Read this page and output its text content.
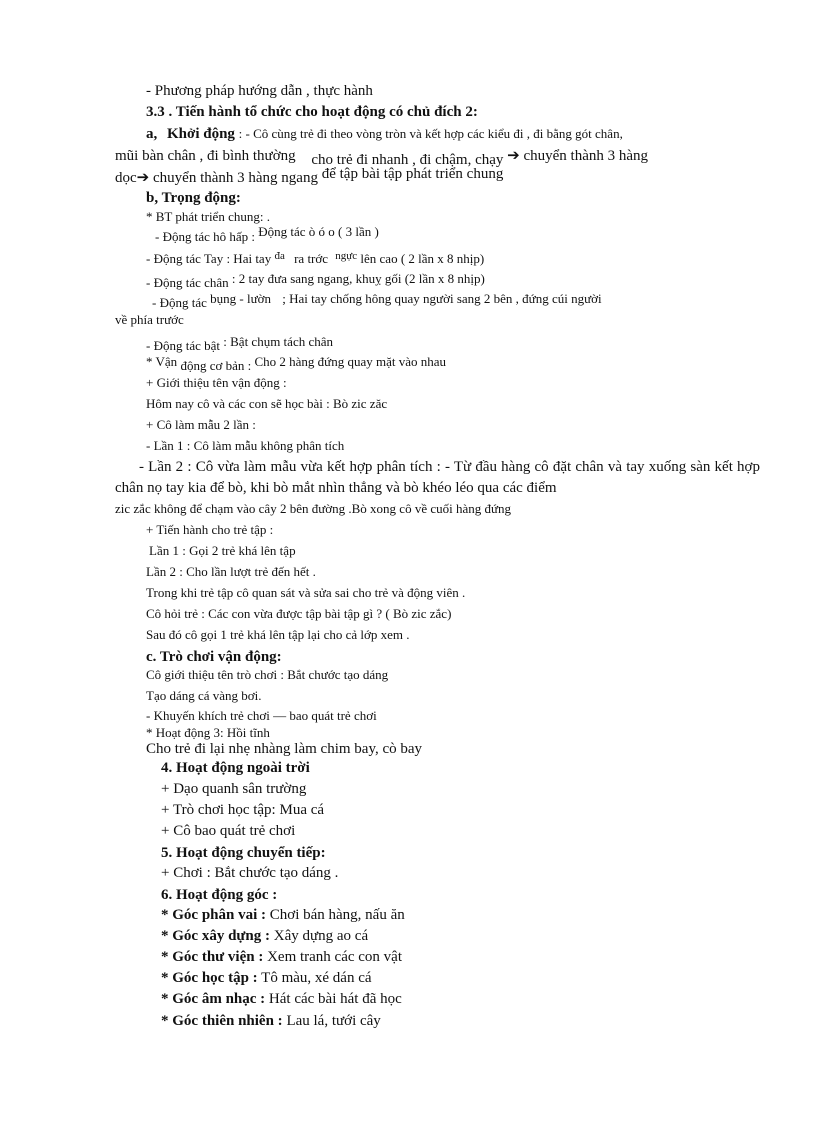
- Phương pháp hướng dẫn , thực hành
3.3 . Tiến hành tổ chức cho hoạt động có chủ đích 2:
a, Khởi động : - Cô cùng trẻ đi theo vòng tròn và kết hợp các kiểu đi , đi bằng gót chân,
mũi bàn chân , đi bình thường cho trẻ đi nhanh , đi chậm, chạy ➔ chuyển thành 3 hàng
dọc➔ chuyển thành 3 hàng ngang để tập bài tập phát triển chung
b, Trọng động:
* BT phát triển chung: .
- Động tác hô hấp : Động tác ò ó o ( 3 lần )
- Động tác Tay : Hai tay $^{đa}$ ra trớc $^{ngực}$ lên cao ( 2 lần x 8 nhịp)
- Động tác chân : 2 tay đưa sang ngang, khuỵ gối (2 lần x 8 nhịp)
- Động tác bụng - lườn ; Hai tay chống hông quay người sang 2 bên , đứng cúi người
về phía trước
- Động tác bật : Bật chụm tách chân
* Vận động cơ bản : Cho 2 hàng đứng quay mặt vào nhau
+ Giới thiệu tên vận động :
Hôm nay cô và các con sẽ học bài : Bò zic zăc
+ Cô làm mẫu 2 lần :
- Lần 1 : Cô làm mẫu không phân tích
- Lần 2 : Cô vừa làm mẫu vừa kết hợp phân tích : - Từ đầu hàng cô đặt chân và tay xuống sàn kết hợp chân nọ tay kia để bò, khi bò mắt nhìn thẳng và bò khéo léo qua các điểm
zic zắc không để chạm vào cây 2 bên đường .Bò xong cô về cuối hàng đứng
+ Tiến hành cho trẻ tập :
Lần 1 : Gọi 2 trẻ khá lên tập
Lần 2 : Cho lần lượt trẻ đến hết .
Trong khi trẻ tập cô quan sát và sửa sai cho trẻ và động viên .
Cô hỏi trẻ : Các con vừa được tập bài tập gì ? ( Bò zic zắc)
Sau đó cô gọi 1 trẻ khá lên tập lại cho cả lớp xem .
c. Trò chơi vận động:
Cô giới thiệu tên trò chơi : Bắt chước tạo dáng
Tạo dáng cá vàng bơi.
- Khuyến khích trẻ chơi — bao quát trẻ chơi
* Hoạt động 3: Hồi tĩnh
Cho trẻ đi lại nhẹ nhàng làm chim bay, cò bay
4. Hoạt động ngoài trời
+ Dạo quanh sân trường
+ Trò chơi học tập: Mua cá
+ Cô bao quát trẻ chơi
5. Hoạt động chuyển tiếp:
+ Chơi : Bắt chước tạo dáng .
6. Hoạt động góc :
* Góc phân vai : Chơi bán hàng, nấu ăn
* Góc xây dựng : Xây dựng ao cá
* Góc thư viện : Xem tranh các con vật
* Góc học tập : Tô màu, xé dán cá
* Góc âm nhạc : Hát các bài hát đã học
* Góc thiên nhiên : Lau lá, tưới cây
